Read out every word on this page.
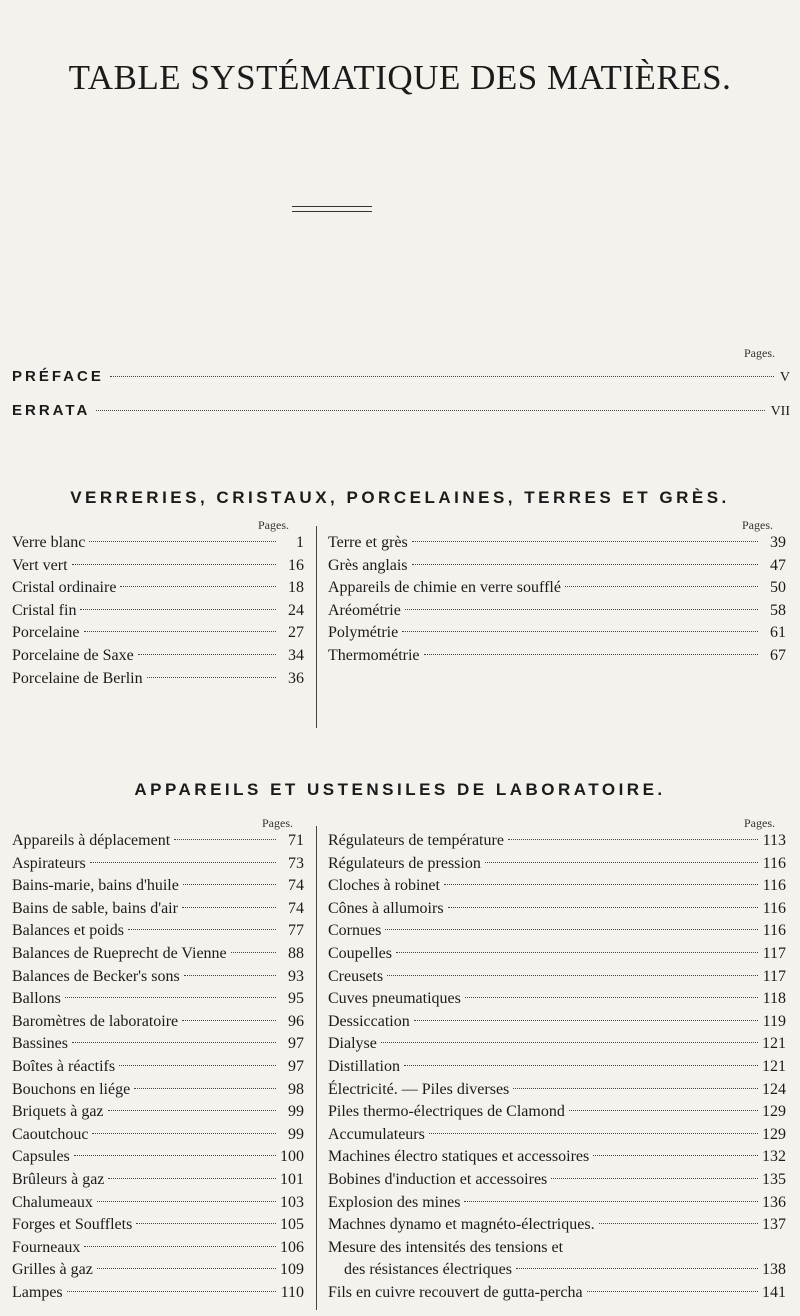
TABLE SYSTÉMATIQUE DES MATIÈRES.
Pages.
PRÉFACE	V
ERRATA	VII
VERRERIES, CRISTAUX, PORCELAINES, TERRES ET GRÈS.
Pages.	Pages.
Verre blanc	1
Vert vert	16
Cristal ordinaire	18
Cristal fin	24
Porcelaine	27
Porcelaine de Saxe	34
Porcelaine de Berlin	36
Terre et grès	39
Grès anglais	47
Appareils de chimie en verre soufflé	50
Aréométrie	58
Polymétrie	61
Thermométrie	67
APPAREILS ET USTENSILES DE LABORATOIRE.
Pages.	Pages.
Appareils à déplacement	71
Aspirateurs	73
Bains-marie, bains d'huile	74
Bains de sable, bains d'air	74
Balances et poids	77
Balances de Rueprecht de Vienne	88
Balances de Becker's sons	93
Ballons	95
Baromètres de laboratoire	96
Bassines	97
Boîtes à réactifs	97
Bouchons en liége	98
Briquets à gaz	99
Caoutchouc	99
Capsules	100
Brûleurs à gaz	101
Chalumeaux	103
Forges et Soufflets	105
Fourneaux	106
Grilles à gaz	109
Lampes	110
Régulateurs de température	113
Régulateurs de pression	116
Cloches à robinet	116
Cônes à allumoirs	116
Cornues	116
Coupelles	117
Creusets	117
Cuves pneumatiques	118
Dessiccation	119
Dialyse	121
Distillation	121
Électricité. — Piles diverses	124
Piles thermo-électriques de Clamond	129
Accumulateurs	129
Machines électro statiques et accessoires	132
Bobines d'induction et accessoires	135
Explosion des mines	136
Machnes dynamo et magnéto-électriques.	137
Mesure des intensités des tensions et
des résistances électriques	138
Fils en cuivre recouvert de gutta-percha	141
